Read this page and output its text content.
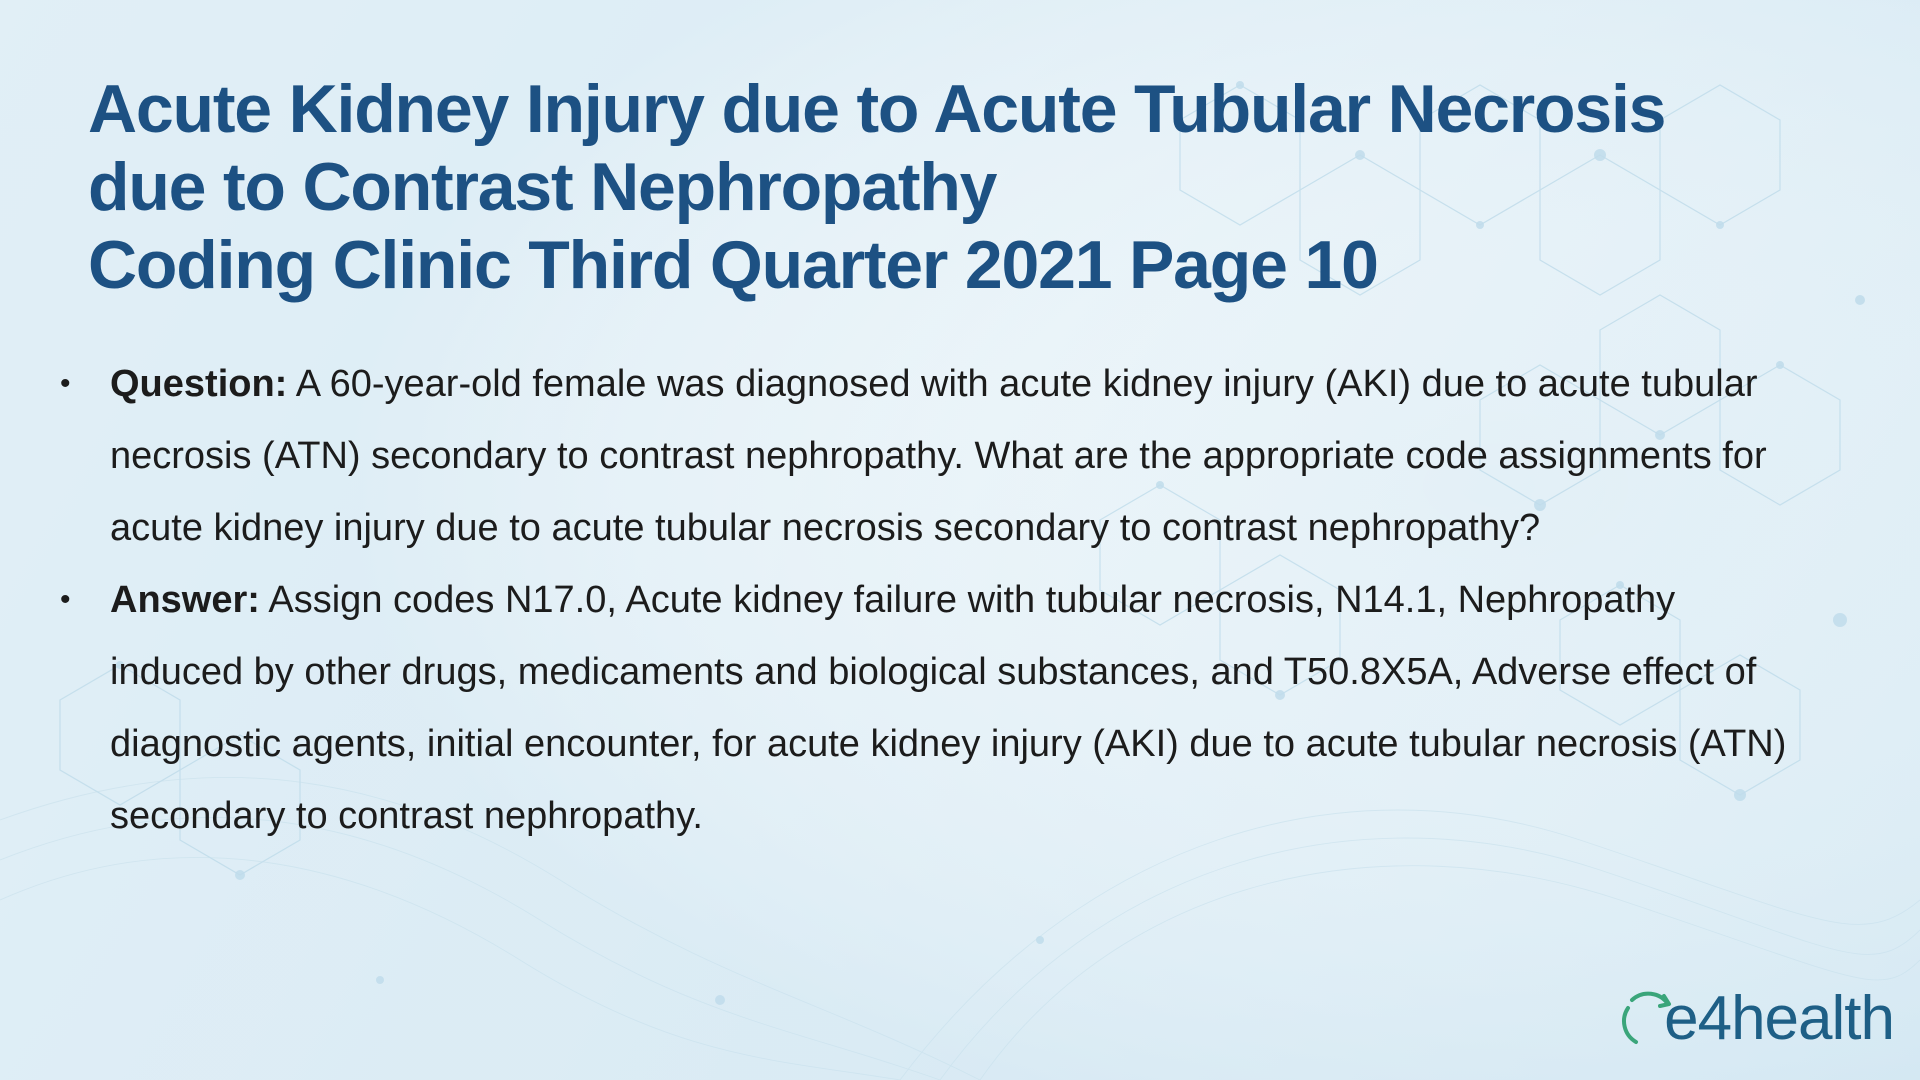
Acute Kidney Injury due to Acute Tubular Necrosis
due to Contrast Nephropathy
Coding Clinic Third Quarter 2021 Page 10
• Question: A 60-year-old female was diagnosed with acute kidney injury (AKI) due to acute tubular necrosis (ATN) secondary to contrast nephropathy. What are the appropriate code assignments for acute kidney injury due to acute tubular necrosis secondary to contrast nephropathy?
• Answer: Assign codes N17.0, Acute kidney failure with tubular necrosis, N14.1, Nephropathy induced by other drugs, medicaments and biological substances, and T50.8X5A, Adverse effect of diagnostic agents, initial encounter, for acute kidney injury (AKI) due to acute tubular necrosis (ATN) secondary to contrast nephropathy.
e4health
